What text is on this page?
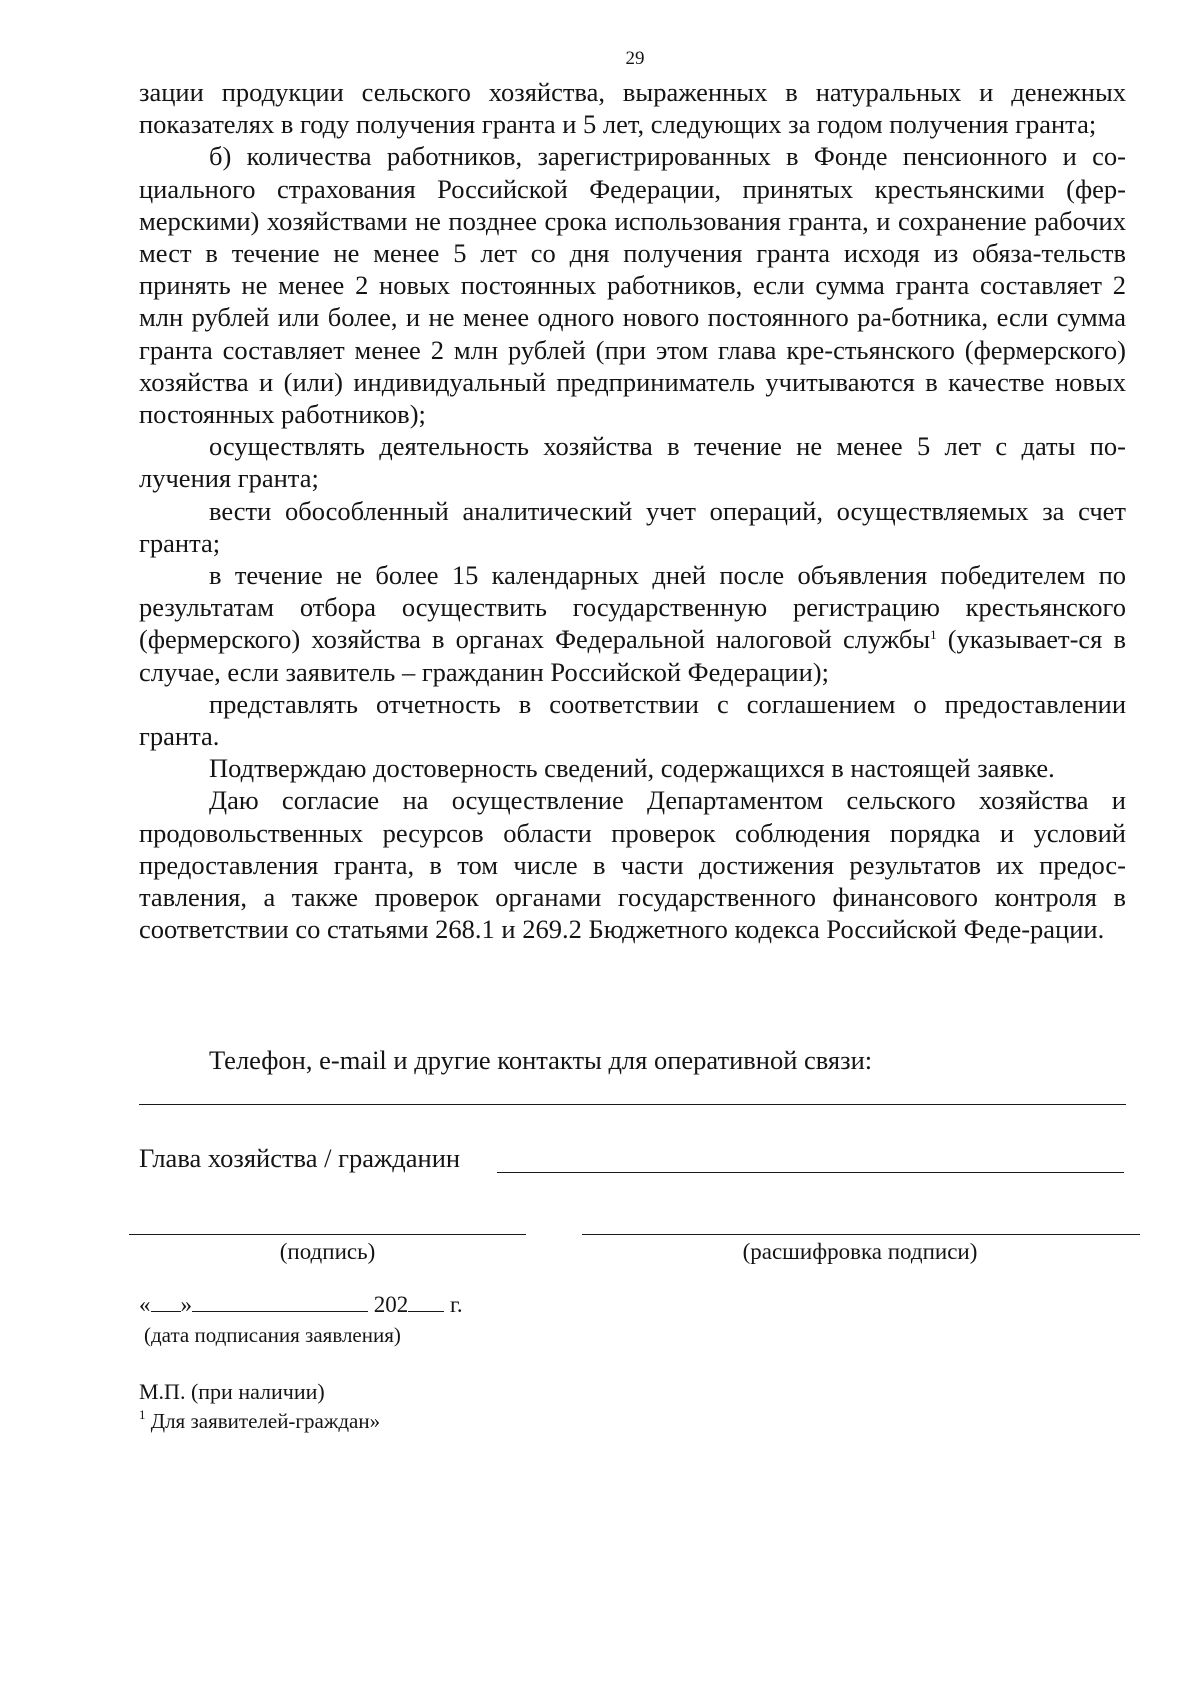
29

зации продукции сельского хозяйства, выраженных в натуральных и денежных показателях в году получения гранта и 5 лет, следующих за годом получения гранта;

б) количества работников, зарегистрированных в Фонде пенсионного и со-циального страхования Российской Федерации, принятых крестьянскими (фер-мерскими) хозяйствами не позднее срока использования гранта, и сохранение рабочих мест в течение не менее 5 лет со дня получения гранта исходя из обяза-тельств принять не менее 2 новых постоянных работников, если сумма гранта составляет 2 млн рублей или более, и не менее одного нового постоянного ра-ботника, если сумма гранта составляет менее 2 млн рублей (при этом глава кре-стьянского (фермерского) хозяйства и (или) индивидуальный предприниматель учитываются в качестве новых постоянных работников);

осуществлять деятельность хозяйства в течение не менее 5 лет с даты по-лучения гранта;

вести обособленный аналитический учет операций, осуществляемых за счет гранта;

в течение не более 15 календарных дней после объявления победителем по результатам отбора осуществить государственную регистрацию крестьянского (фермерского) хозяйства в органах Федеральной налоговой службы$^1$ (указывает-ся в случае, если заявитель – гражданин Российской Федерации);

представлять отчетность в соответствии с соглашением о предоставлении гранта.

Подтверждаю достоверность сведений, содержащихся в настоящей заявке.

Даю согласие на осуществление Департаментом сельского хозяйства и продовольственных ресурсов области проверок соблюдения порядка и условий предоставления гранта, в том числе в части достижения результатов их предос-тавления, а также проверок органами государственного финансового контроля в соответствии со статьями 268.1 и 269.2 Бюджетного кодекса Российской Феде-рации.

Телефон, e-mail и другие контакты для оперативной связи:
Глава хозяйства / гражданин
(подпись)	(расшифровка подписи)
« »	202 г.
(дата подписания заявления)
М.П. (при наличии)
$^1$ Для заявителей-граждан»
